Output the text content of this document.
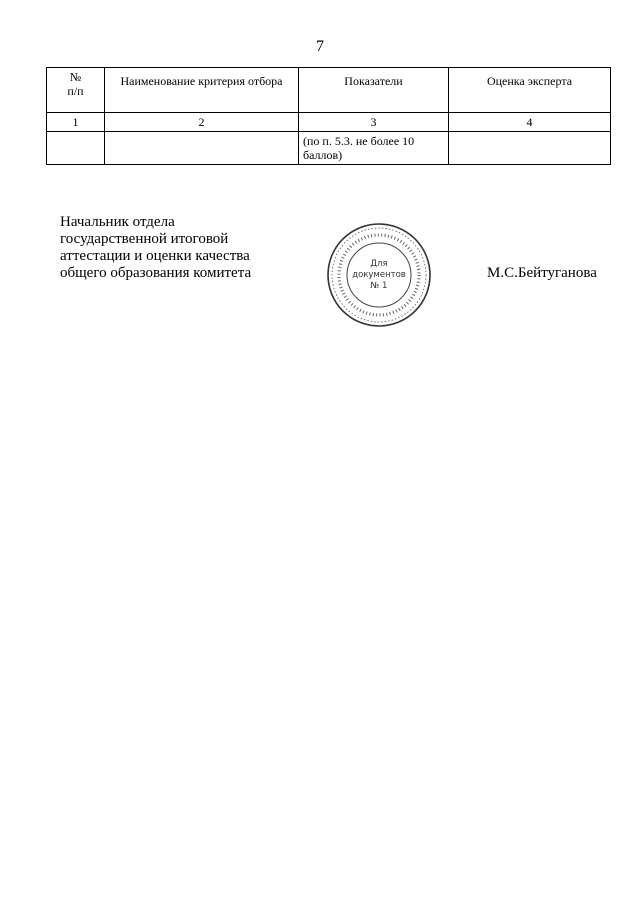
7
№
п/п	Наименование критерия отбора	Показатели	Оценка эксперта
1	2	3	4
		(по п. 5.3. не более 10 баллов)	
Начальник отдела
государственной итоговой
аттестации и оценки качества
общего образования комитета
Для
документов
№ 1
М.С.Бейтуганова
